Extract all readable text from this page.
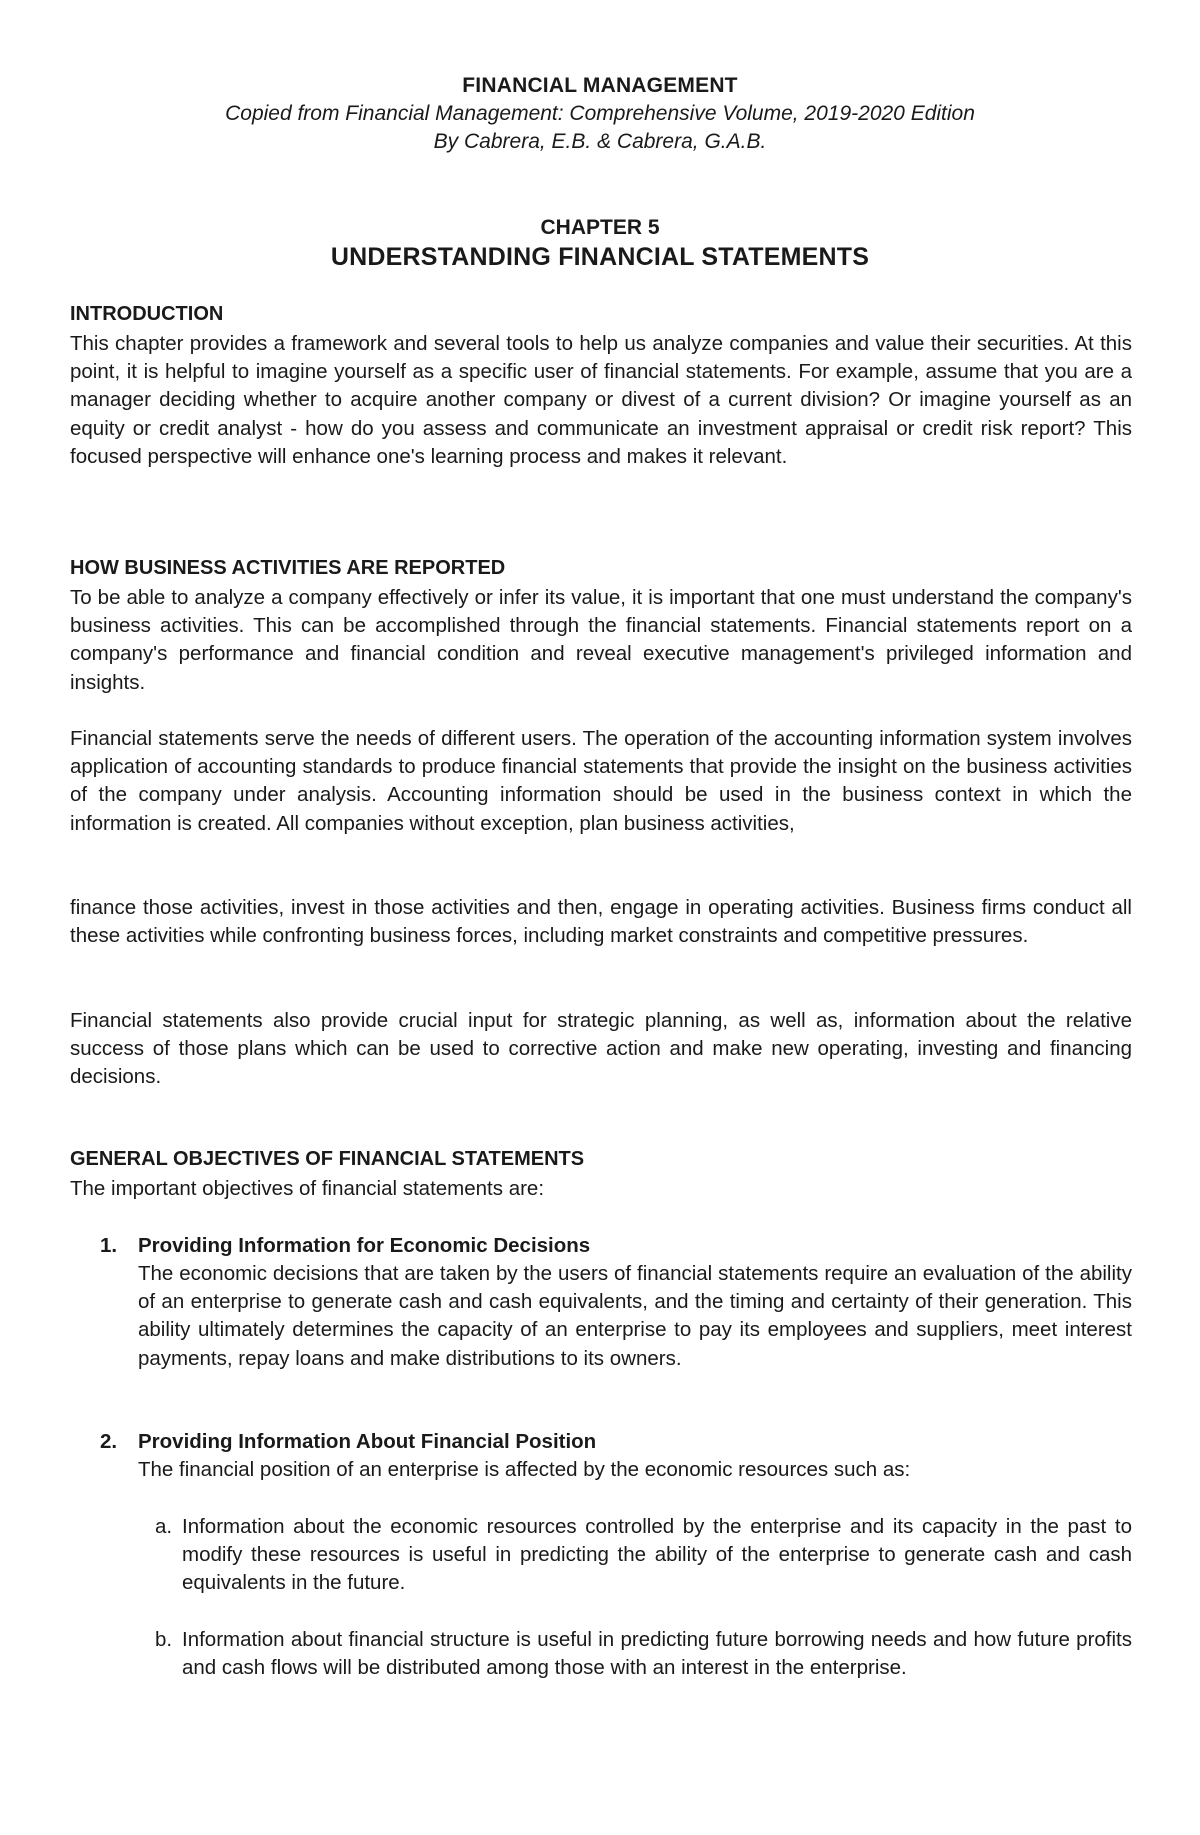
FINANCIAL MANAGEMENT
Copied from Financial Management: Comprehensive Volume, 2019-2020 Edition
By Cabrera, E.B. & Cabrera, G.A.B.
CHAPTER 5
UNDERSTANDING FINANCIAL STATEMENTS
INTRODUCTION
This chapter provides a framework and several tools to help us analyze companies and value their securities. At this point, it is helpful to imagine yourself as a specific user of financial statements. For example, assume that you are a manager deciding whether to acquire another company or divest of a current division? Or imagine yourself as an equity or credit analyst - how do you assess and communicate an investment appraisal or credit risk report? This focused perspective will enhance one's learning process and makes it relevant.
HOW BUSINESS ACTIVITIES ARE REPORTED
To be able to analyze a company effectively or infer its value, it is important that one must understand the company's business activities. This can be accomplished through the financial statements. Financial statements report on a company's performance and financial condition and reveal executive management's privileged information and insights.
Financial statements serve the needs of different users. The operation of the accounting information system involves application of accounting standards to produce financial statements that provide the insight on the business activities of the company under analysis. Accounting information should be used in the business context in which the information is created. All companies without exception, plan business activities,
finance those activities, invest in those activities and then, engage in operating activities. Business firms conduct all these activities while confronting business forces, including market constraints and competitive pressures.
Financial statements also provide crucial input for strategic planning, as well as, information about the relative success of those plans which can be used to corrective action and make new operating, investing and financing decisions.
GENERAL OBJECTIVES OF FINANCIAL STATEMENTS
The important objectives of financial statements are:
1.	Providing Information for Economic Decisions
The economic decisions that are taken by the users of financial statements require an evaluation of the ability of an enterprise to generate cash and cash equivalents, and the timing and certainty of their generation. This ability ultimately determines the capacity of an enterprise to pay its employees and suppliers, meet interest payments, repay loans and make distributions to its owners.
2.	Providing Information About Financial Position
The financial position of an enterprise is affected by the economic resources such as:
a. Information about the economic resources controlled by the enterprise and its capacity in the past to modify these resources is useful in predicting the ability of the enterprise to generate cash and cash equivalents in the future.
b. Information about financial structure is useful in predicting future borrowing needs and how future profits and cash flows will be distributed among those with an interest in the enterprise.
